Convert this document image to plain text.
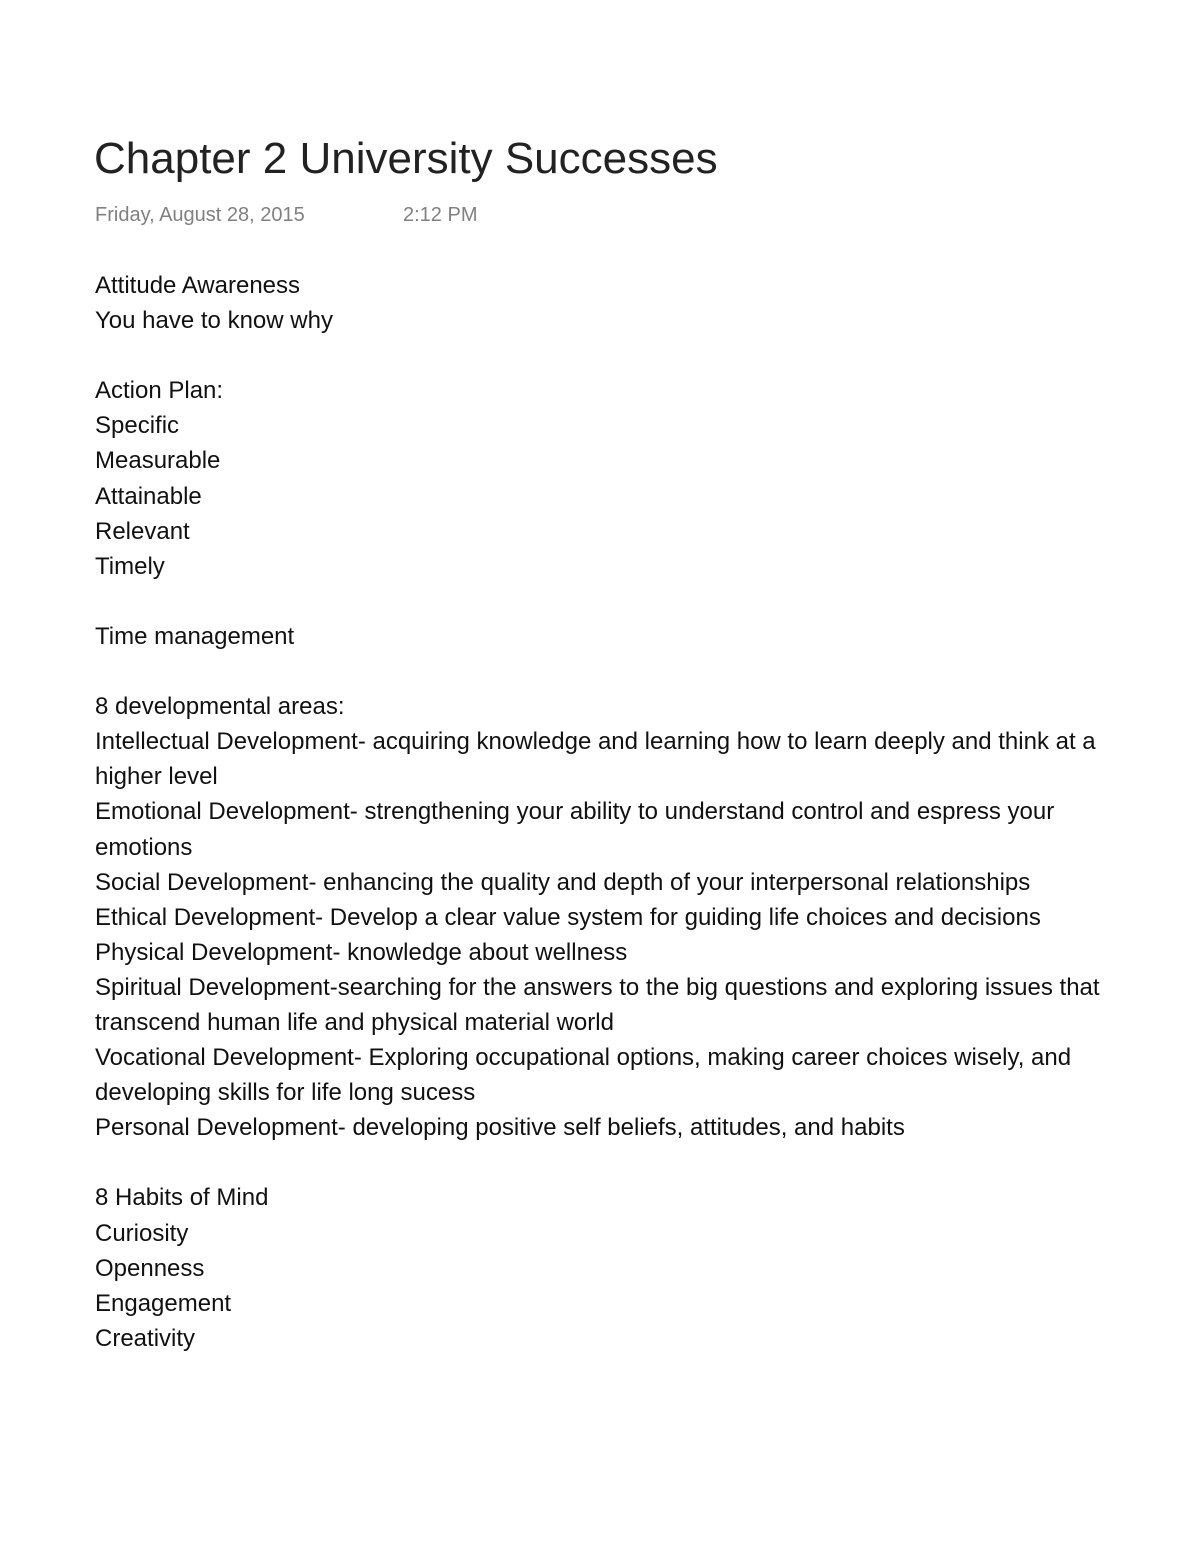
Chapter 2 University Successes
Friday, August 28, 2015	2:12 PM
Attitude Awareness
You have to know why
Action Plan:
Specific
Measurable
Attainable
Relevant
Timely
Time management
8 developmental areas:
Intellectual Development- acquiring knowledge and learning how to learn deeply and think at a higher level
Emotional Development- strengthening your ability to understand control and espress your emotions
Social Development- enhancing the quality and depth of your interpersonal relationships
Ethical Development- Develop a clear value system for guiding life choices and decisions
Physical Development- knowledge about wellness
Spiritual Development-searching for the answers to the big questions and exploring issues that transcend human life and physical material world
Vocational Development- Exploring occupational options, making career choices wisely, and developing skills for life long sucess
Personal Development- developing positive self beliefs, attitudes, and habits
8 Habits of Mind
Curiosity
Openness
Engagement
Creativity
